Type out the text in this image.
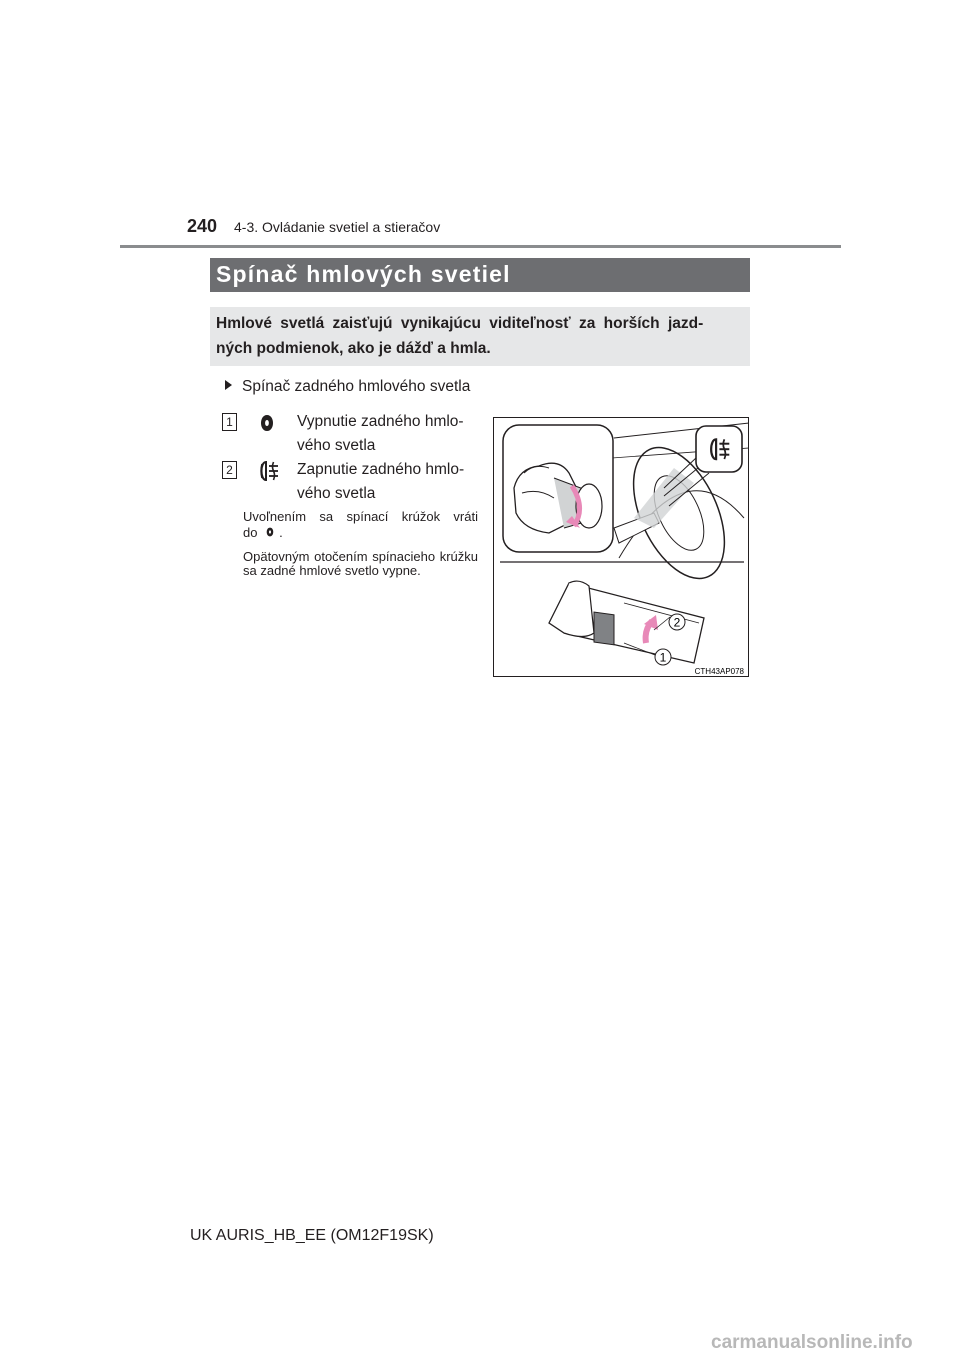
240 4-3. Ovládanie svetiel a stieračov
Spínač hmlových svetiel
Hmlové svetlá zaisťujú vynikajúcu viditeľnosť za horších jazd-
ných podmienok, ako je dážď a hmla.
Spínač zadného hmlového svetla
1	Vypnutie zadného hmlo-
vého svetla
2	Zapnutie zadného hmlo-
vého svetla
Uvoľnením sa spínací krúžok vráti
do .
Opätovným otočením spínacieho krúžku sa zadné hmlové svetlo vypne.
2
1
CTH43AP078
UK AURIS_HB_EE (OM12F19SK)
carmanualsonline.info
